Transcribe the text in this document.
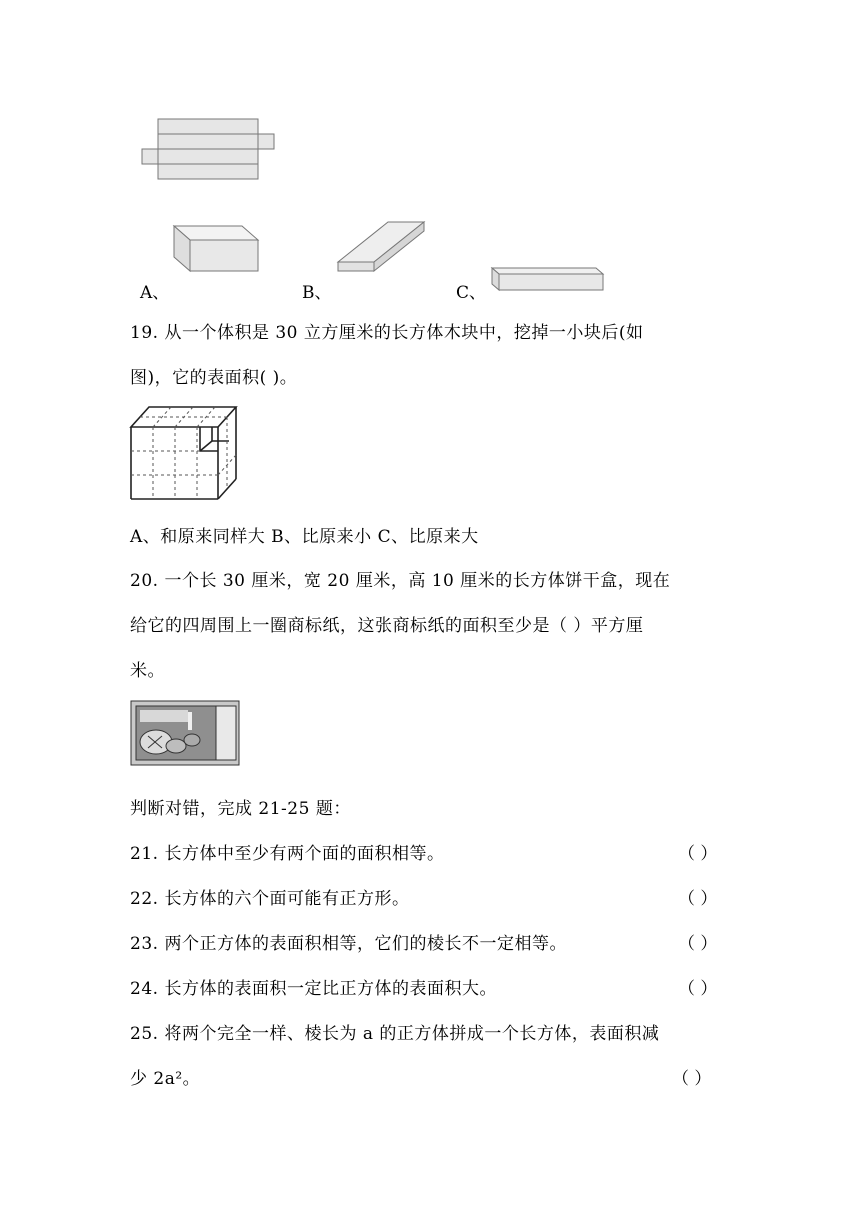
A、	B、	C、
19. 从一个体积是 30 立方厘米的长方体木块中，挖掉一小块后(如
图)，它的表面积( )。
A、和原来同样大 B、比原来小 C、比原来大
20. 一个长 30 厘米，宽 20 厘米，高 10 厘米的长方体饼干盒，现在
给它的四周围上一圈商标纸，这张商标纸的面积至少是（ ）平方厘
米。
判断对错，完成 21-25 题：
21. 长方体中至少有两个面的面积相等。	（ ）
22. 长方体的六个面可能有正方形。	（ ）
23. 两个正方体的表面积相等，它们的棱长不一定相等。	（ ）
24. 长方体的表面积一定比正方体的表面积大。	（ ）
25. 将两个完全一样、棱长为 a 的正方体拼成一个长方体，表面积减
少 2a²。	（ ）
